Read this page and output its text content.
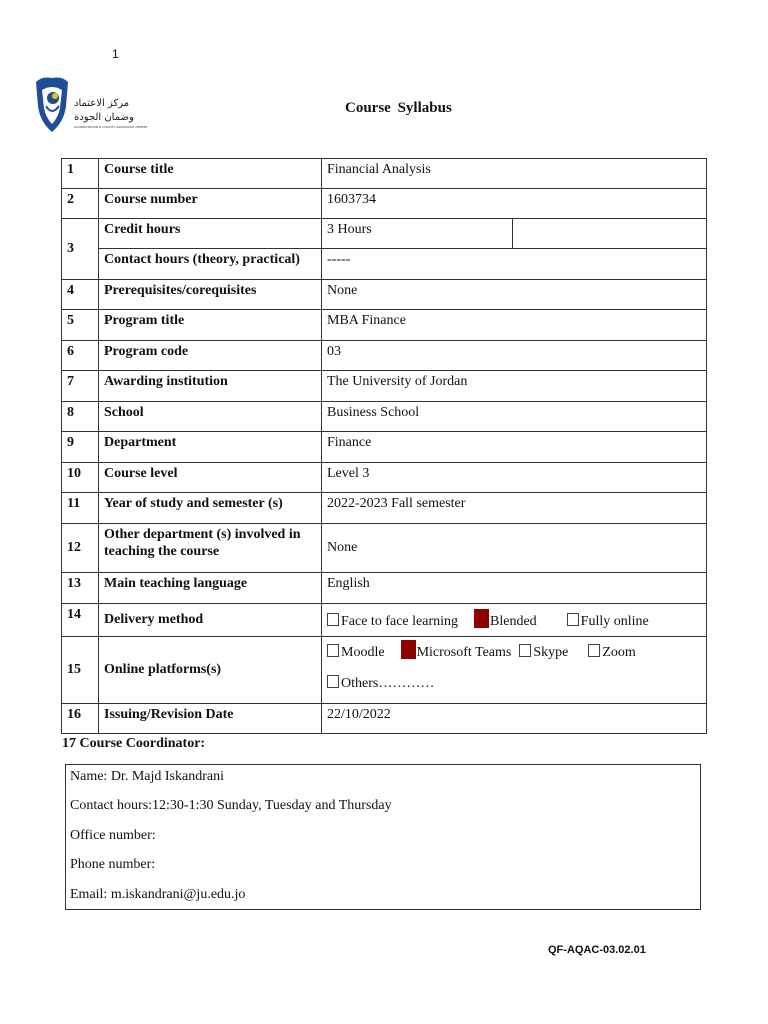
1
مركز الاعتماد
وضمان الجودة
ACCREDITATION & QUALITY ASSURANCE CENTER
Course Syllabus
1	Course title	Financial Analysis	
2	Course number	1603734	
3	Credit hours	3 Hours	
	Contact hours (theory, practical)	-----	
4	Prerequisites/corequisites	None	
5	Program title	MBA Finance	
6	Program code	03	
7	Awarding institution	The University of Jordan	
8	School	Business School	
9	Department	Finance	
10	Course level	Level 3	
11	Year of study and semester (s)	2022-2023 Fall semester	
12	Other department (s) involved in teaching the course	None	
13	Main teaching language	English	
14	Delivery method	Face to face learning Blended Fully online	
15	Online platforms(s)	Moodle Microsoft Teams Skype Zoom
Others…………	
16	Issuing/Revision Date	22/10/2022	
17 Course Coordinator:
Name: Dr. Majd Iskandrani
Contact hours:12:30-1:30 Sunday, Tuesday and Thursday
Office number:
Phone number:
Email: m.iskandrani@ju.edu.jo
QF-AQAC-03.02.01
